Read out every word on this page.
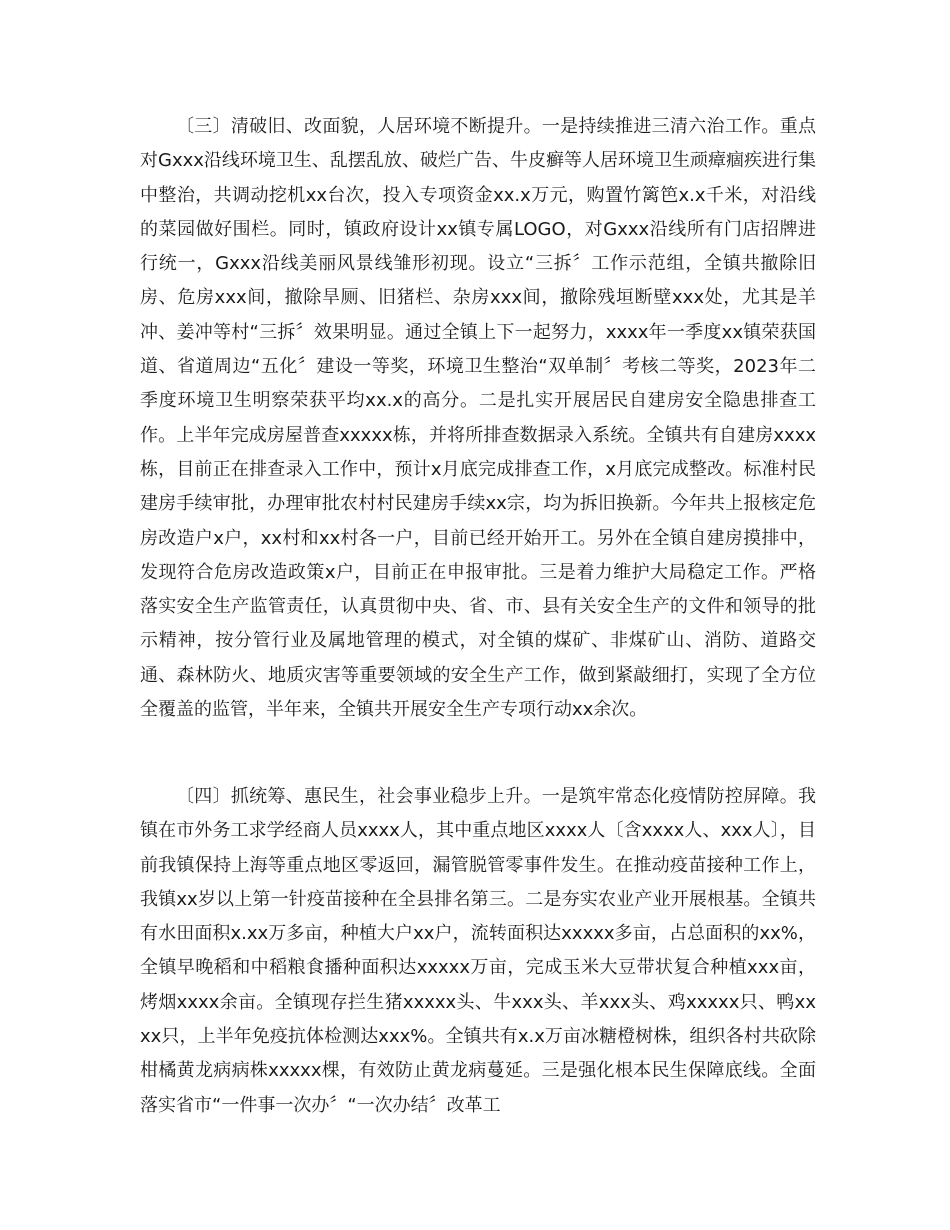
〔三〕清破旧、改面貌，人居环境不断提升。一是持续推进三清六治工作。重点对Gxxx沿线环境卫生、乱摆乱放、破烂广告、牛皮癣等人居环境卫生顽瘴痼疾进行集中整治，共调动挖机xx台次，投入专项资金xx.x万元，购置竹篱笆x.x千米，对沿线的菜园做好围栏。同时，镇政府设计xx镇专属LOGO，对Gxxx沿线所有门店招牌进行统一，Gxxx沿线美丽风景线雏形初现。设立“三拆〞工作示范组，全镇共撤除旧房、危房xxx间，撤除旱厕、旧猪栏、杂房xxx间，撤除残垣断壁xxx处，尤其是羊冲、姜冲等村“三拆〞效果明显。通过全镇上下一起努力，xxxx年一季度xx镇荣获国道、省道周边“五化〞建设一等奖，环境卫生整治“双单制〞考核二等奖，2023年二季度环境卫生明察荣获平均xx.x的高分。二是扎实开展居民自建房安全隐患排查工作。上半年完成房屋普查xxxxx栋，并将所排查数据录入系统。全镇共有自建房xxxx栋，目前正在排查录入工作中，预计x月底完成排查工作，x月底完成整改。标准村民建房手续审批，办理审批农村村民建房手续xx宗，均为拆旧换新。今年共上报核定危房改造户x户，xx村和xx村各一户，目前已经开始开工。另外在全镇自建房摸排中，发现符合危房改造政策x户，目前正在申报审批。三是着力维护大局稳定工作。严格落实安全生产监管责任，认真贯彻中央、省、市、县有关安全生产的文件和领导的批示精神，按分管行业及属地管理的模式，对全镇的煤矿、非煤矿山、消防、道路交通、森林防火、地质灾害等重要领域的安全生产工作，做到紧敲细打，实现了全方位全覆盖的监管，半年来，全镇共开展安全生产专项行动xx余次。

〔四〕抓统筹、惠民生，社会事业稳步上升。一是筑牢常态化疫情防控屏障。我镇在市外务工求学经商人员xxxx人，其中重点地区xxxx人〔含xxxx人、xxx人〕，目前我镇保持上海等重点地区零返回，漏管脱管零事件发生。在推动疫苗接种工作上，我镇xx岁以上第一针疫苗接种在全县排名第三。二是夯实农业产业开展根基。全镇共有水田面积x.xx万多亩，种植大户xx户，流转面积达xxxxx多亩，占总面积的xx%，全镇早晚稻和中稻粮食播种面积达xxxxx万亩，完成玉米大豆带状复合种植xxx亩，烤烟xxxx余亩。全镇现存拦生猪xxxxx头、牛xxx头、羊xxx头、鸡xxxxx只、鸭xxxx只，上半年免疫抗体检测达xxx%。全镇共有x.x万亩冰糖橙树株，组织各村共砍除柑橘黄龙病病株xxxxx棵，有效防止黄龙病蔓延。三是强化根本民生保障底线。全面落实省市“一件事一次办〞“一次办结〞改革工
